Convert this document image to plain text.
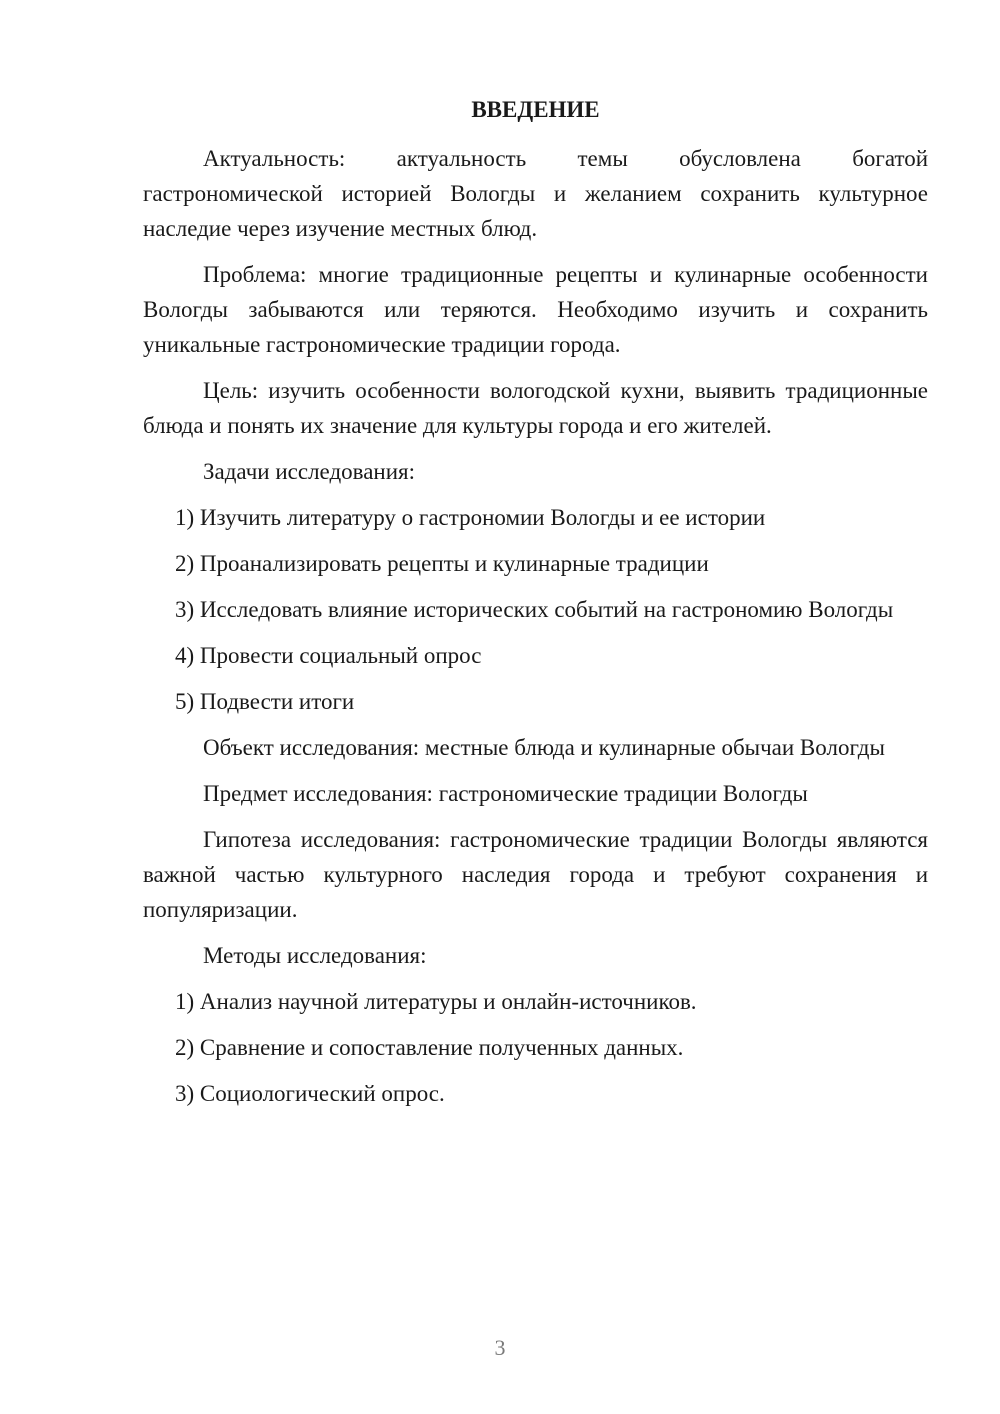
ВВЕДЕНИЕ

Актуальность: актуальность темы обусловлена богатой гастрономической историей Вологды и желанием сохранить культурное наследие через изучение местных блюд.

Проблема: многие традиционные рецепты и кулинарные особенности Вологды забываются или теряются. Необходимо изучить и сохранить уникальные гастрономические традиции города.

Цель: изучить особенности вологодской кухни, выявить традиционные блюда и понять их значение для культуры города и его жителей.

Задачи исследования:

1) Изучить литературу о гастрономии Вологды и ее истории

2) Проанализировать рецепты и кулинарные традиции

3) Исследовать влияние исторических событий на гастрономию Вологды

4) Провести социальный опрос

5) Подвести итоги

Объект исследования: местные блюда и кулинарные обычаи Вологды

Предмет исследования: гастрономические традиции Вологды

Гипотеза исследования: гастрономические традиции Вологды являются важной частью культурного наследия города и требуют сохранения и популяризации.

Методы исследования:

1) Анализ научной литературы и онлайн-источников.

2) Сравнение и сопоставление полученных данных.

3) Социологический опрос.

3
